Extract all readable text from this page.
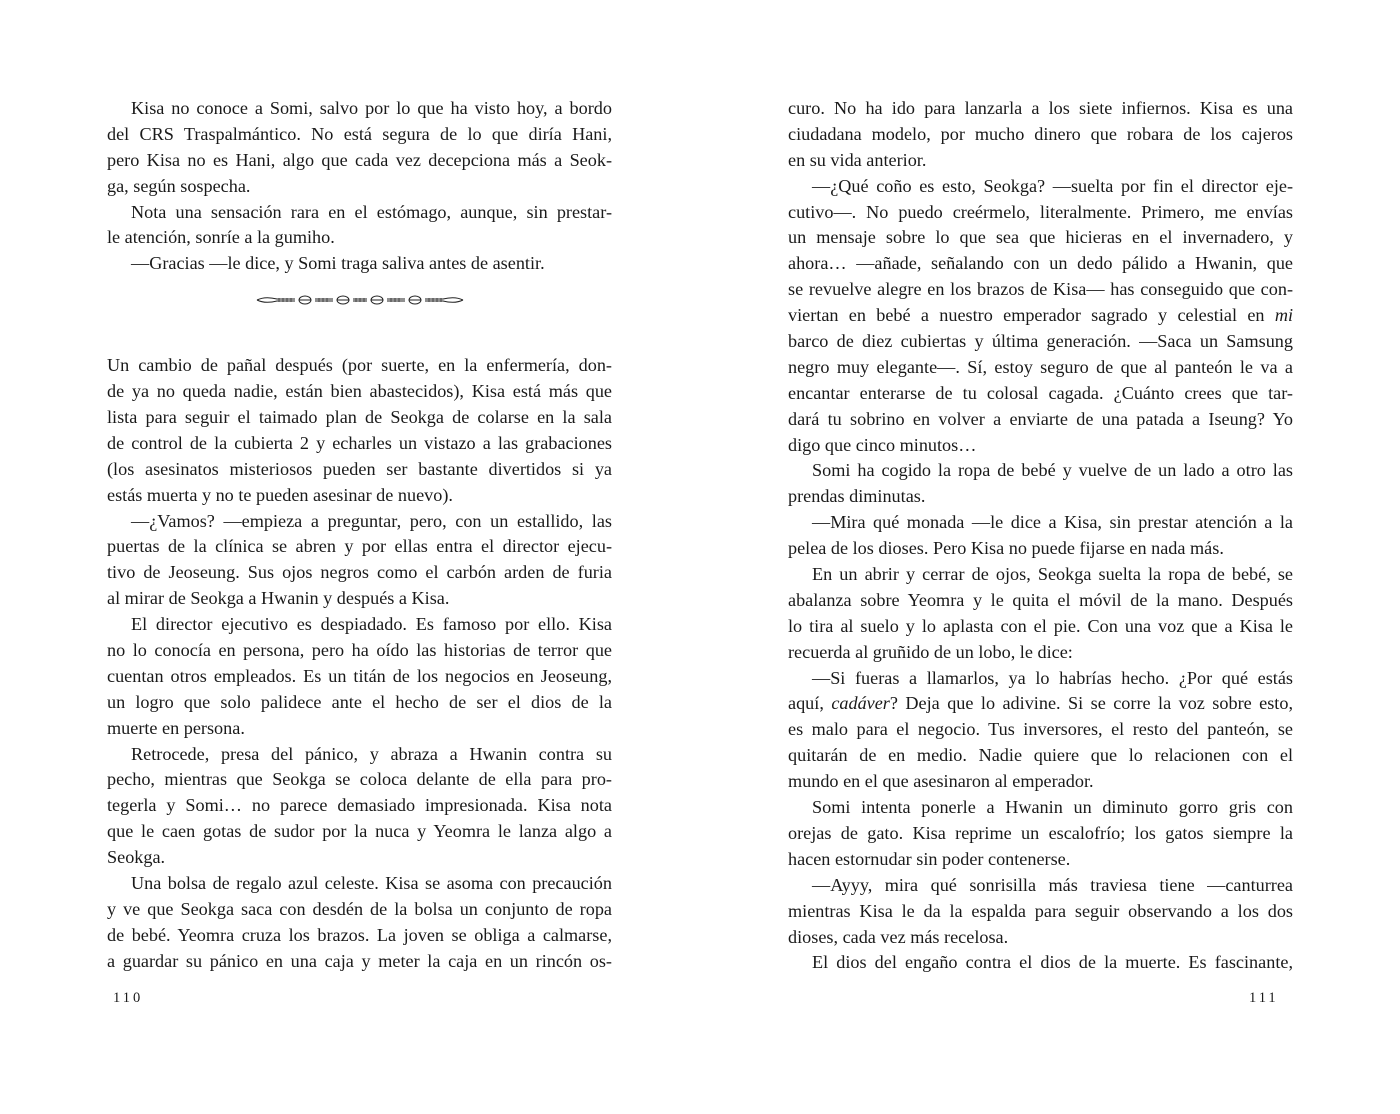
Kisa no conoce a Somi, salvo por lo que ha visto hoy, a bordo
del CRS Traspalmántico. No está segura de lo que diría Hani,
pero Kisa no es Hani, algo que cada vez decepciona más a Seok-
ga, según sospecha.
Nota una sensación rara en el estómago, aunque, sin prestar-
le atención, sonríe a la gumiho.
—Gracias —le dice, y Somi traga saliva antes de asentir.
Un cambio de pañal después (por suerte, en la enfermería, don-
de ya no queda nadie, están bien abastecidos), Kisa está más que
lista para seguir el taimado plan de Seokga de colarse en la sala
de control de la cubierta 2 y echarles un vistazo a las grabaciones
(los asesinatos misteriosos pueden ser bastante divertidos si ya
estás muerta y no te pueden asesinar de nuevo).
—¿Vamos? —empieza a preguntar, pero, con un estallido, las
puertas de la clínica se abren y por ellas entra el director ejecu-
tivo de Jeoseung. Sus ojos negros como el carbón arden de furia
al mirar de Seokga a Hwanin y después a Kisa.
El director ejecutivo es despiadado. Es famoso por ello. Kisa
no lo conocía en persona, pero ha oído las historias de terror que
cuentan otros empleados. Es un titán de los negocios en Jeoseung,
un logro que solo palidece ante el hecho de ser el dios de la
muerte en persona.
Retrocede, presa del pánico, y abraza a Hwanin contra su
pecho, mientras que Seokga se coloca delante de ella para pro-
tegerla y Somi… no parece demasiado impresionada. Kisa nota
que le caen gotas de sudor por la nuca y Yeomra le lanza algo a
Seokga.
Una bolsa de regalo azul celeste. Kisa se asoma con precaución
y ve que Seokga saca con desdén de la bolsa un conjunto de ropa
de bebé. Yeomra cruza los brazos. La joven se obliga a calmarse,
a guardar su pánico en una caja y meter la caja en un rincón os-
110
curo. No ha ido para lanzarla a los siete infiernos. Kisa es una
ciudadana modelo, por mucho dinero que robara de los cajeros
en su vida anterior.
—¿Qué coño es esto, Seokga? —suelta por fin el director eje-
cutivo—. No puedo creérmelo, literalmente. Primero, me envías
un mensaje sobre lo que sea que hicieras en el invernadero, y
ahora… —añade, señalando con un dedo pálido a Hwanin, que
se revuelve alegre en los brazos de Kisa— has conseguido que con-
viertan en bebé a nuestro emperador sagrado y celestial en mi
barco de diez cubiertas y última generación. —Saca un Samsung
negro muy elegante—. Sí, estoy seguro de que al panteón le va a
encantar enterarse de tu colosal cagada. ¿Cuánto crees que tar-
dará tu sobrino en volver a enviarte de una patada a Iseung? Yo
digo que cinco minutos…
Somi ha cogido la ropa de bebé y vuelve de un lado a otro las
prendas diminutas.
—Mira qué monada —le dice a Kisa, sin prestar atención a la
pelea de los dioses. Pero Kisa no puede fijarse en nada más.
En un abrir y cerrar de ojos, Seokga suelta la ropa de bebé, se
abalanza sobre Yeomra y le quita el móvil de la mano. Después
lo tira al suelo y lo aplasta con el pie. Con una voz que a Kisa le
recuerda al gruñido de un lobo, le dice:
—Si fueras a llamarlos, ya lo habrías hecho. ¿Por qué estás
aquí, cadáver? Deja que lo adivine. Si se corre la voz sobre esto,
es malo para el negocio. Tus inversores, el resto del panteón, se
quitarán de en medio. Nadie quiere que lo relacionen con el
mundo en el que asesinaron al emperador.
Somi intenta ponerle a Hwanin un diminuto gorro gris con
orejas de gato. Kisa reprime un escalofrío; los gatos siempre la
hacen estornudar sin poder contenerse.
—Ayyy, mira qué sonrisilla más traviesa tiene —canturrea
mientras Kisa le da la espalda para seguir observando a los dos
dioses, cada vez más recelosa.
El dios del engaño contra el dios de la muerte. Es fascinante,
111
